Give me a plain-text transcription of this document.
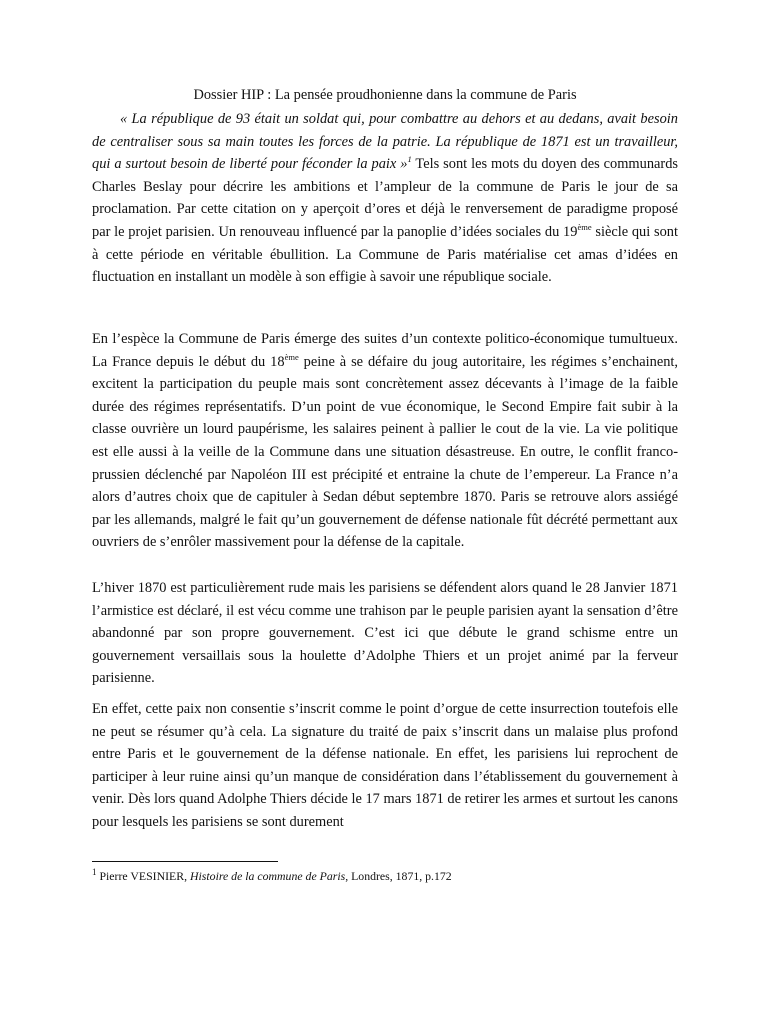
Dossier HIP : La pensée proudhonienne dans la commune de Paris

« La république de 93 était un soldat qui, pour combattre au dehors et au dedans, avait besoin de centraliser sous sa main toutes les forces de la patrie. La république de 1871 est un travailleur, qui a surtout besoin de liberté pour féconder la paix »$^1$ Tels sont les mots du doyen des communards Charles Beslay pour décrire les ambitions et l’ampleur de la commune de Paris le jour de sa proclamation. Par cette citation on y aperçoit d’ores et déjà le renversement de paradigme proposé par le projet parisien. Un renouveau influencé par la panoplie d’idées sociales du 19ème siècle qui sont à cette période en véritable ébullition. La Commune de Paris matérialise cet amas d’idées en fluctuation en installant un modèle à son effigie à savoir une république sociale.

En l’espèce la Commune de Paris émerge des suites d’un contexte politico-économique tumultueux. La France depuis le début du 18ème peine à se défaire du joug autoritaire, les régimes s’enchainent, excitent la participation du peuple mais sont concrètement assez décevants à l’image de la faible durée des régimes représentatifs. D’un point de vue économique, le Second Empire fait subir à la classe ouvrière un lourd paupérisme, les salaires peinent à pallier le cout de la vie. La vie politique est elle aussi à la veille de la Commune dans une situation désastreuse. En outre, le conflit franco-prussien déclenché par Napoléon III est précipité et entraine la chute de l’empereur. La France n’a alors d’autres choix que de capituler à Sedan début septembre 1870. Paris se retrouve alors assiégé par les allemands, malgré le fait qu’un gouvernement de défense nationale fût décrété permettant aux ouvriers de s’enrôler massivement pour la défense de la capitale.

L’hiver 1870 est particulièrement rude mais les parisiens se défendent alors quand le 28 Janvier 1871 l’armistice est déclaré, il est vécu comme une trahison par le peuple parisien ayant la sensation d’être abandonné par son propre gouvernement. C’est ici que débute le grand schisme entre un gouvernement versaillais sous la houlette d’Adolphe Thiers et un projet animé par la ferveur parisienne.

En effet, cette paix non consentie s’inscrit comme le point d’orgue de cette insurrection toutefois elle ne peut se résumer qu’à cela. La signature du traité de paix s’inscrit dans un malaise plus profond entre Paris et le gouvernement de la défense nationale. En effet, les parisiens lui reprochent de participer à leur ruine ainsi qu’un manque de considération dans l’établissement du gouvernement à venir. Dès lors quand Adolphe Thiers décide le 17 mars 1871 de retirer les armes et surtout les canons pour lesquels les parisiens se sont durement

$^1$ Pierre VESINIER, Histoire de la commune de Paris, Londres, 1871, p.172
